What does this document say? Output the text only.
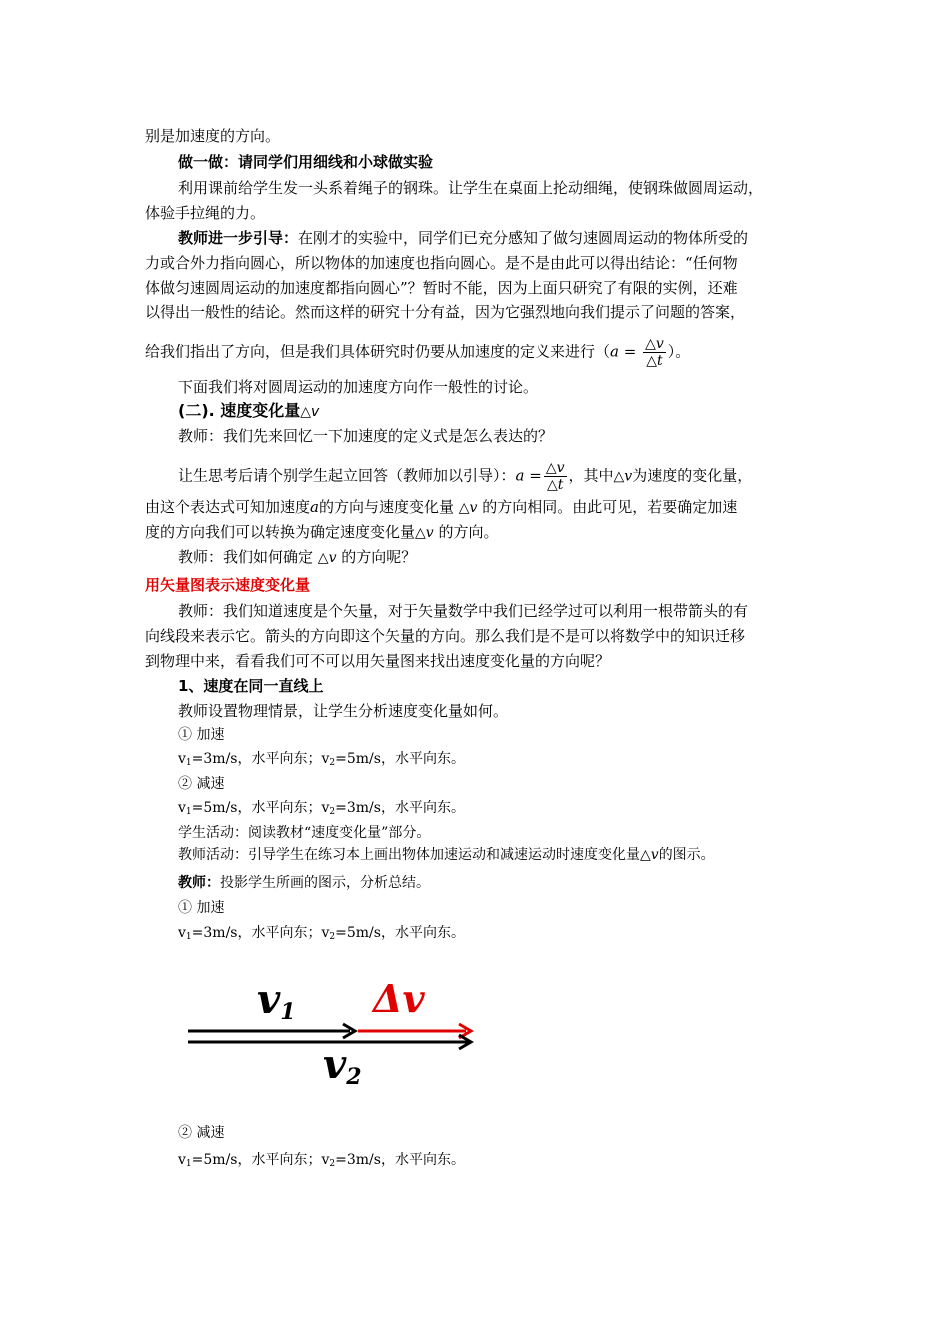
别是加速度的方向。
做一做：请同学们用细线和小球做实验
利用课前给学生发一头系着绳子的钢珠。让学生在桌面上抡动细绳，使钢珠做圆周运动，
体验手拉绳的力。
教师进一步引导：在刚才的实验中，同学们已充分感知了做匀速圆周运动的物体所受的
力或合外力指向圆心，所以物体的加速度也指向圆心。是不是由此可以得出结论：“任何物
体做匀速圆周运动的加速度都指向圆心”？暂时不能，因为上面只研究了有限的实例，还难
以得出一般性的结论。然而这样的研究十分有益，因为它强烈地向我们提示了问题的答案，
给我们指出了方向，但是我们具体研究时仍要从加速度的定义来进行（$a = \frac{\triangle v}{\triangle t}$ ）。
下面我们将对圆周运动的加速度方向作一般性的讨论。
(二). 速度变化量△v
教师：我们先来回忆一下加速度的定义式是怎么表达的？
让生思考后请个别学生起立回答（教师加以引导）：$a = \frac{\triangle v}{\triangle t}$ ，其中△v为速度的变化量，
由这个表达式可知加速度a的方向与速度变化量 △v 的方向相同。由此可见，若要确定加速
度的方向我们可以转换为确定速度变化量△v 的方向。
教师：我们如何确定 △v 的方向呢？
用矢量图表示速度变化量
教师：我们知道速度是个矢量，对于矢量数学中我们已经学过可以利用一根带箭头的有
向线段来表示它。箭头的方向即这个矢量的方向。那么我们是不是可以将数学中的知识迁移
到物理中来，看看我们可不可以用矢量图来找出速度变化量的方向呢？
1、速度在同一直线上
教师设置物理情景，让学生分析速度变化量如何。
① 加速
$v_1=3m/s$，水平向东；$v_2=5m/s$，水平向东。
② 减速
$v_1=5m/s$，水平向东；$v_2=3m/s$，水平向东。
学生活动：阅读教材“速度变化量”部分。
教师活动：引导学生在练习本上画出物体加速运动和减速运动时速度变化量△v的图示。
教师：投影学生所画的图示，分析总结。
① 加速
$v_1=3m/s$，水平向东；$v_2=5m/s$，水平向东。
v1 Δv
v2
② 减速
$v_1=5m/s$，水平向东；$v_2=3m/s$，水平向东。
